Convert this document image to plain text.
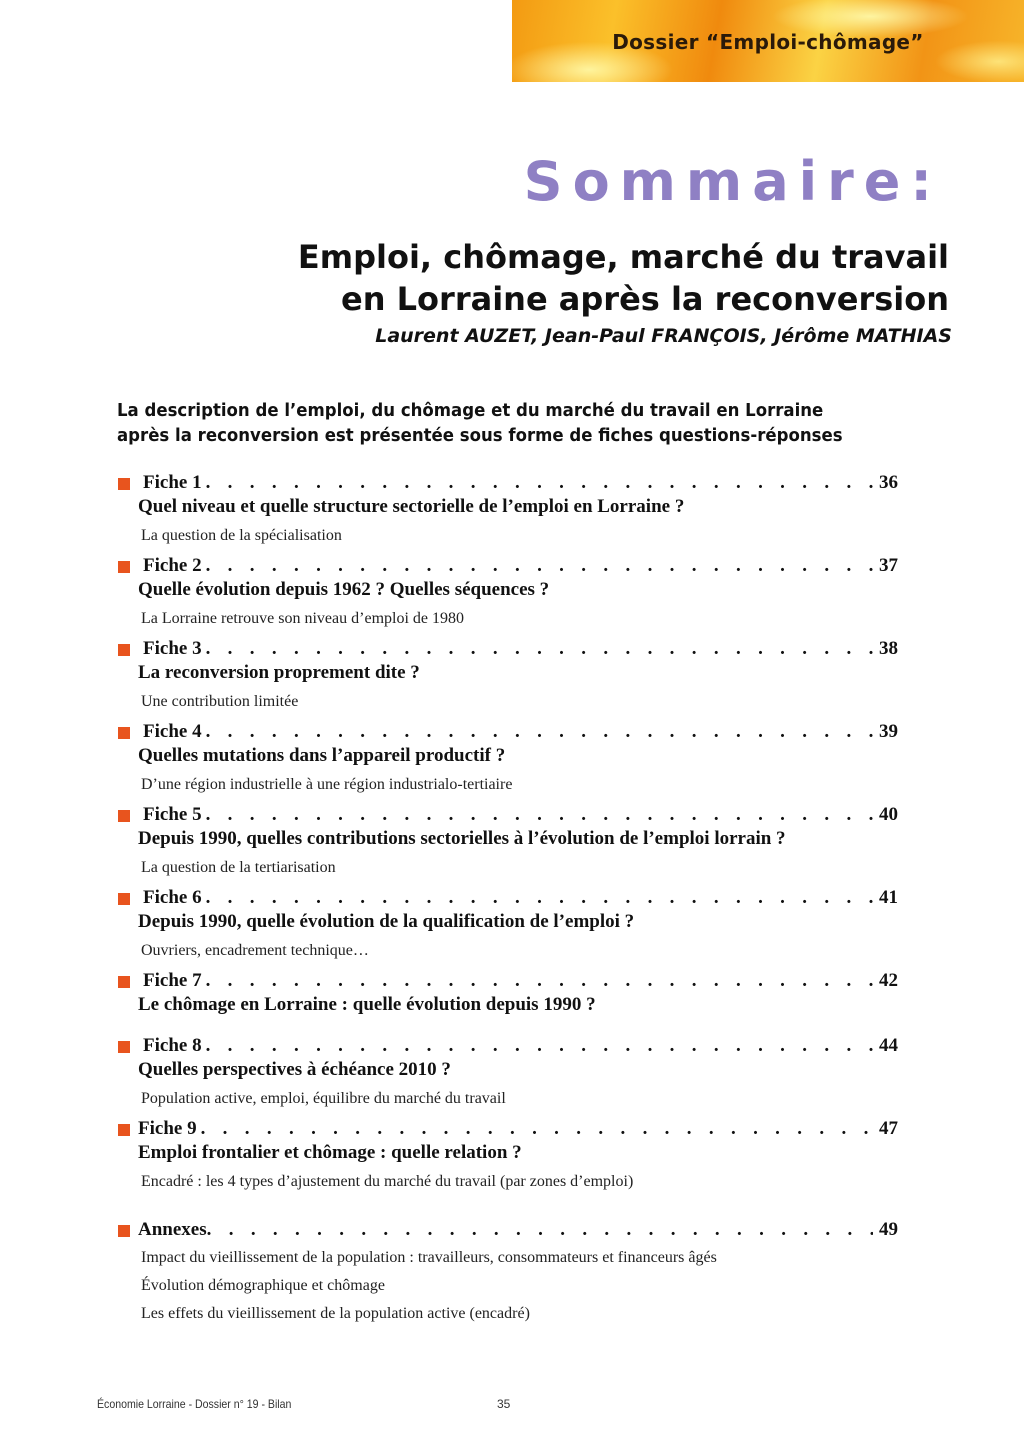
Dossier “Emploi-chômage”
Sommaire:
Emploi, chômage, marché du travail
en Lorraine après la reconversion
Laurent AUZET, Jean-Paul FRANÇOIS, Jérôme MATHIAS
La description de l’emploi, du chômage et du marché du travail en Lorraine
après la reconversion est présentée sous forme de fiches questions-réponses
Fiche 1 . . .	36
Quel niveau et quelle structure sectorielle de l’emploi en Lorraine ?
La question de la spécialisation
Fiche 2 . . .	37
Quelle évolution depuis 1962 ? Quelles séquences ?
La Lorraine retrouve son niveau d’emploi de 1980
Fiche 3 . . .	38
La reconversion proprement dite ?
Une contribution limitée
Fiche 4 . . .	39
Quelles mutations dans l’appareil productif ?
D’une région industrielle à une région industrialo-tertiaire
Fiche 5 . . .	40
Depuis 1990, quelles contributions sectorielles à l’évolution de l’emploi lorrain ?
La question de la tertiarisation
Fiche 6 . . .	41
Depuis 1990, quelle évolution de la qualification de l’emploi ?
Ouvriers, encadrement technique…
Fiche 7 . . .	42
Le chômage en Lorraine : quelle évolution depuis 1990 ?
Fiche 8 . . .	44
Quelles perspectives à échéance 2010 ?
Population active, emploi, équilibre du marché du travail
Fiche 9 . . .	47
Emploi frontalier et chômage : quelle relation ?
Encadré : les 4 types d’ajustement du marché du travail (par zones d’emploi)
Annexes . . .	49
Impact du vieillissement de la population : travailleurs, consommateurs et financeurs âgés
Évolution démographique et chômage
Les effets du vieillissement de la population active (encadré)
Économie Lorraine - Dossier n° 19 - Bilan	35
